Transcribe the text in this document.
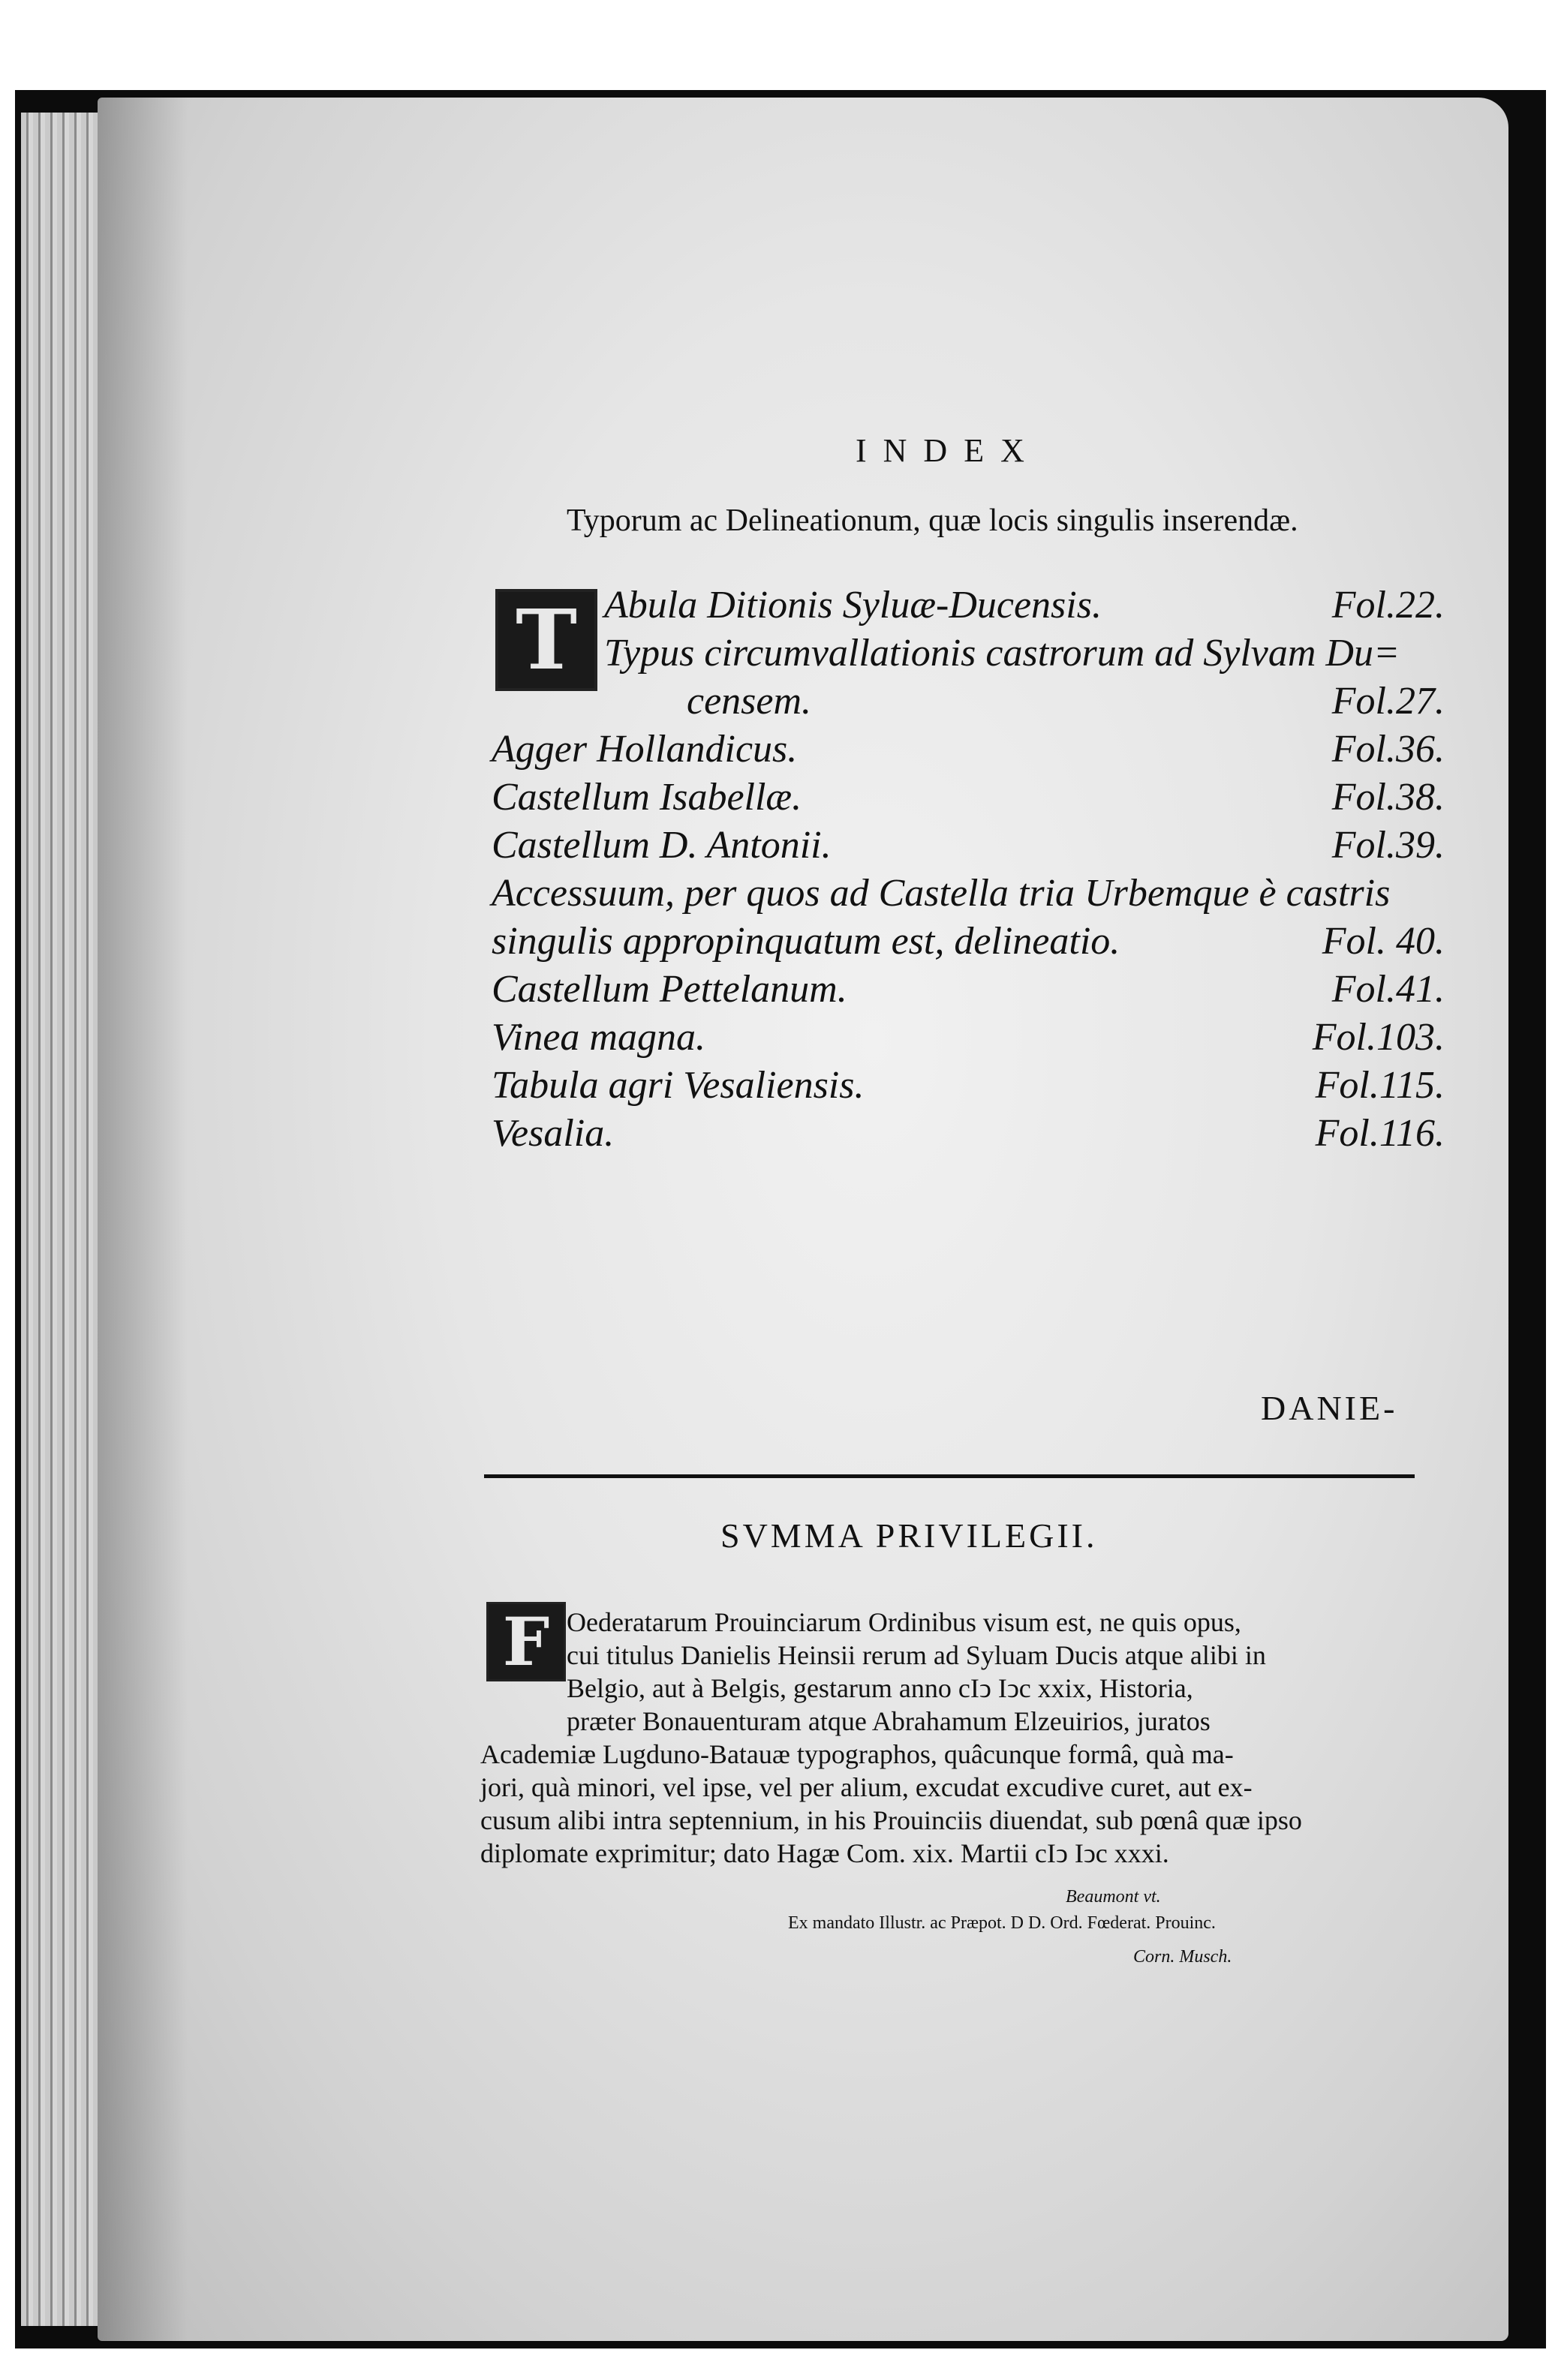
INDEX
Typorum ac Delineationum, quæ locis singulis inserendæ.
T Abula Ditionis Syluæ-Ducensis.	Fol.22.
Typus circumvallationis castrorum ad Sylvam Du=
censem.	Fol.27.
Agger Hollandicus.	Fol.36.
Castellum Isabellæ.	Fol.38.
Castellum D. Antonii.	Fol.39.
Accessuum, per quos ad Castella tria Urbemque è castris
singulis appropinquatum est, delineatio.	Fol. 40.
Castellum Pettelanum.	Fol.41.
Vinea magna.	Fol.103.
Tabula agri Vesaliensis.	Fol.115.
Vesalia.	Fol.116.
DANIE-
SVMMA PRIVILEGII.
F Oederatarum Prouinciarum Ordinibus visum est, ne quis opus,
cui titulus Danielis Heinsii rerum ad Syluam Ducis atque alibi in
Belgio, aut à Belgis, gestarum anno cIↄ Iↄc xxix, Historia,
præter Bonauenturam atque Abrahamum Elzeuirios, juratos
Academiæ Lugduno-Batauæ typographos, quâcunque formâ, quà ma-
jori, quà minori, vel ipse, vel per alium, excudat excudive curet, aut ex-
cusum alibi intra septennium, in his Prouinciis diuendat, sub pœnâ quæ ipso
diplomate exprimitur; dato Hagæ Com. xix. Martii cIↄ Iↄc xxxi.
Beaumont vt.
Ex mandato Illustr. ac Præpot. D D. Ord. Fœderat. Prouinc.
Corn. Musch.
